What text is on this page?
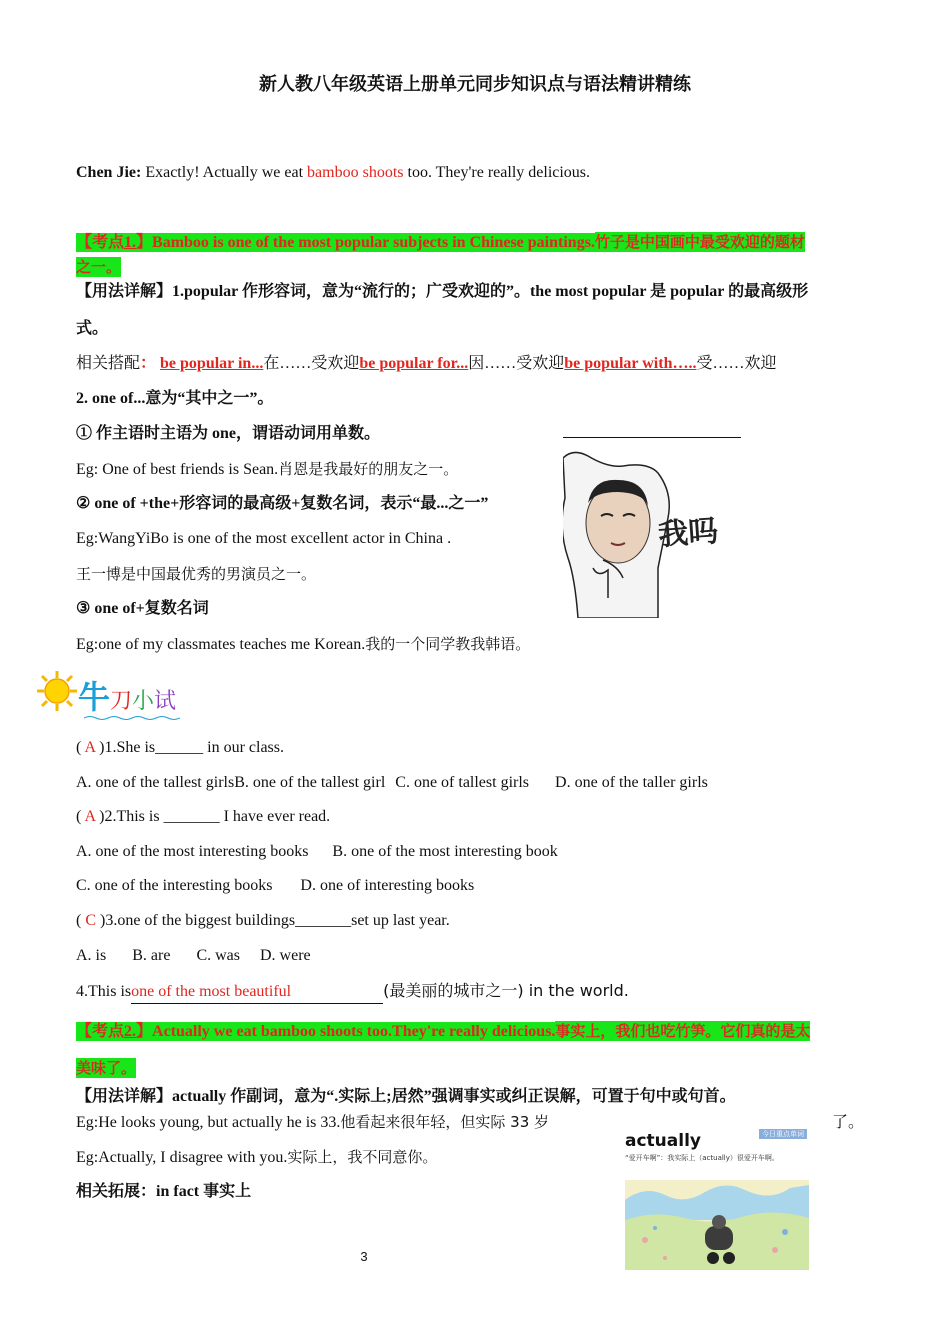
新人教八年级英语上册单元同步知识点与语法精讲精练
Chen Jie: Exactly! Actually we eat bamboo shoots too. They're really delicious.
【考点1.】Bamboo is one of the most popular subjects in Chinese paintings.竹子是中国画中最受欢迎的题材
之一。
【用法详解】1.popular 作形容词，意为“流行的；广受欢迎的”。the most popular 是 popular 的最高级形
式。
相关搭配： be popular in...在……受欢迎be popular for...因……受欢迎be popular with…..受……欢迎
2. one of...意为“其中之一”。
① 作主语时主语为 one，谓语动词用单数。
Eg: One of best friends is Sean.肖恩是我最好的朋友之一。
② one of +the+形容词的最高级+复数名词，表示“最...之一”
Eg:WangYiBo is one of the most excellent actor in China .
王一博是中国最优秀的男演员之一。
③ one of+复数名词
Eg:one of my classmates teaches me Korean.我的一个同学教我韩语。
我吗
牛刀小试
( A )1.She is______ in our class.
A. one of the tallest girlsB. one of the tallest girl C. one of tallest girls D. one of the taller girls
( A )2.This is _______ I have ever read.
A. one of the most interesting books B. one of the most interesting book
C. one of the interesting books D. one of interesting books
( C )3.one of the biggest buildings_______set up last year.
A. is B. are C. was D. were
4.This isone of the most beautiful	(最美丽的城市之一) in the world.
【考点2.】Actually we eat bamboo shoots too.They're really delicious.事实上，我们也吃竹笋。它们真的是太
美味了。
【用法详解】actually 作副词，意为“.实际上;居然”强调事实或纠正误解，可置于句中或句首。
Eg:He looks young, but actually he is 33.他看起来很年轻，但实际 33 岁	了。
Eg:Actually, I disagree with you.实际上，我不同意你。
相关拓展：in fact 事实上
actually	今日重点单词
“爱开车啊”：我实际上（actually）很爱开车啊。
3
